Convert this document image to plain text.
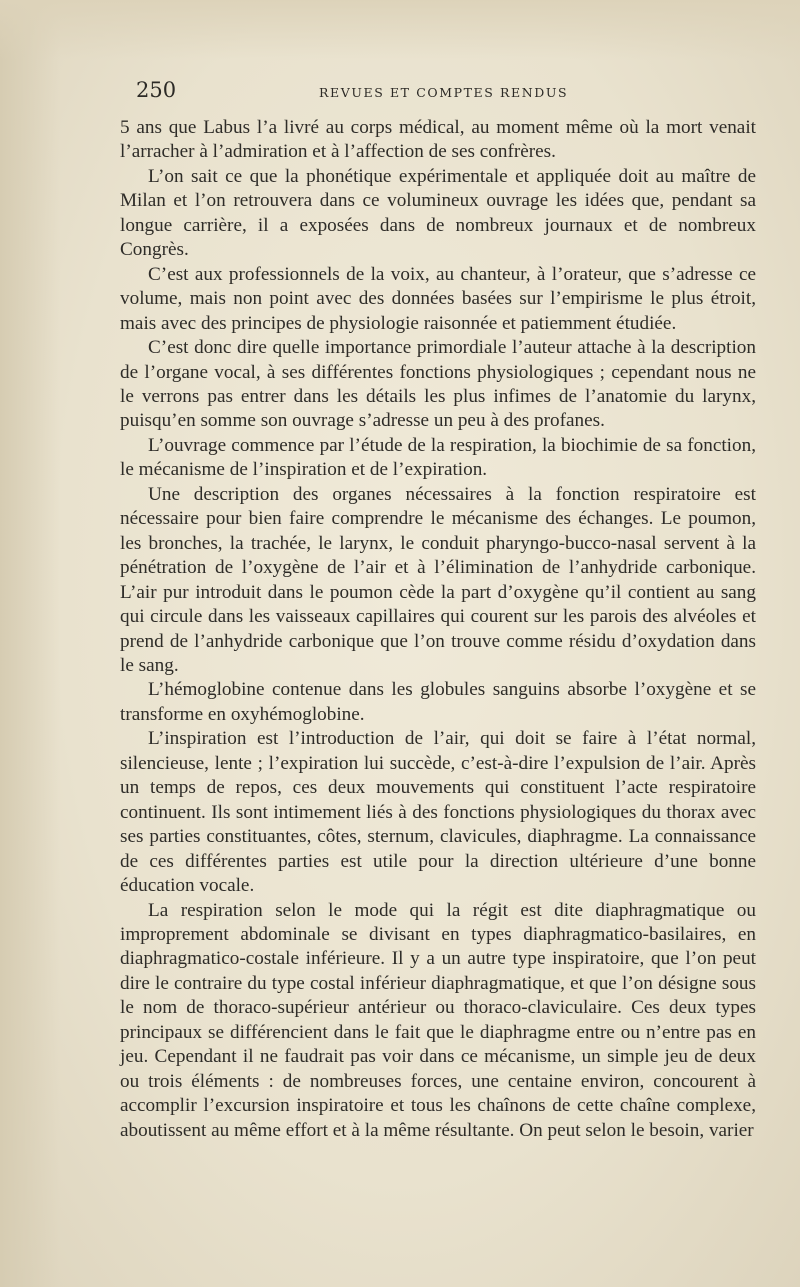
250	REVUES ET COMPTES RENDUS

5 ans que Labus l’a livré au corps médical, au moment même où la mort venait l’arracher à l’admiration et à l’affection de ses confrères.

L’on sait ce que la phonétique expérimentale et appliquée doit au maître de Milan et l’on retrouvera dans ce volumineux ouvrage les idées que, pendant sa longue carrière, il a exposées dans de nombreux journaux et de nombreux Congrès.

C’est aux professionnels de la voix, au chanteur, à l’orateur, que s’adresse ce volume, mais non point avec des données basées sur l’empirisme le plus étroit, mais avec des principes de physiologie raisonnée et patiemment étudiée.

C’est donc dire quelle importance primordiale l’auteur attache à la description de l’organe vocal, à ses différentes fonctions physiologiques ; cependant nous ne le verrons pas entrer dans les détails les plus infimes de l’anatomie du larynx, puisqu’en somme son ouvrage s’adresse un peu à des profanes.

L’ouvrage commence par l’étude de la respiration, la biochimie de sa fonction, le mécanisme de l’inspiration et de l’expiration.

Une description des organes nécessaires à la fonction respiratoire est nécessaire pour bien faire comprendre le mécanisme des échanges. Le poumon, les bronches, la trachée, le larynx, le conduit pharyngo-bucco-nasal servent à la pénétration de l’oxygène de l’air et à l’élimination de l’anhydride carbonique. L’air pur introduit dans le poumon cède la part d’oxygène qu’il contient au sang qui circule dans les vaisseaux capillaires qui courent sur les parois des alvéoles et prend de l’anhydride carbonique que l’on trouve comme résidu d’oxydation dans le sang.

L’hémoglobine contenue dans les globules sanguins absorbe l’oxygène et se transforme en oxyhémoglobine.

L’inspiration est l’introduction de l’air, qui doit se faire à l’état normal, silencieuse, lente ; l’expiration lui succède, c’est-à-dire l’expulsion de l’air. Après un temps de repos, ces deux mouvements qui constituent l’acte respiratoire continuent. Ils sont intimement liés à des fonctions physiologiques du thorax avec ses parties constituantes, côtes, sternum, clavicules, diaphragme. La connaissance de ces différentes parties est utile pour la direction ultérieure d’une bonne éducation vocale.

La respiration selon le mode qui la régit est dite diaphragmatique ou improprement abdominale se divisant en types diaphragmatico-basilaires, en diaphragmatico-costale inférieure. Il y a un autre type inspiratoire, que l’on peut dire le contraire du type costal inférieur diaphragmatique, et que l’on désigne sous le nom de thoraco-supérieur antérieur ou thoraco-claviculaire. Ces deux types principaux se différencient dans le fait que le diaphragme entre ou n’entre pas en jeu. Cependant il ne faudrait pas voir dans ce mécanisme, un simple jeu de deux ou trois éléments : de nombreuses forces, une centaine environ, concourent à accomplir l’excursion inspiratoire et tous les chaînons de cette chaîne complexe, aboutissent au même effort et à la même résultante. On peut selon le besoin, varier
